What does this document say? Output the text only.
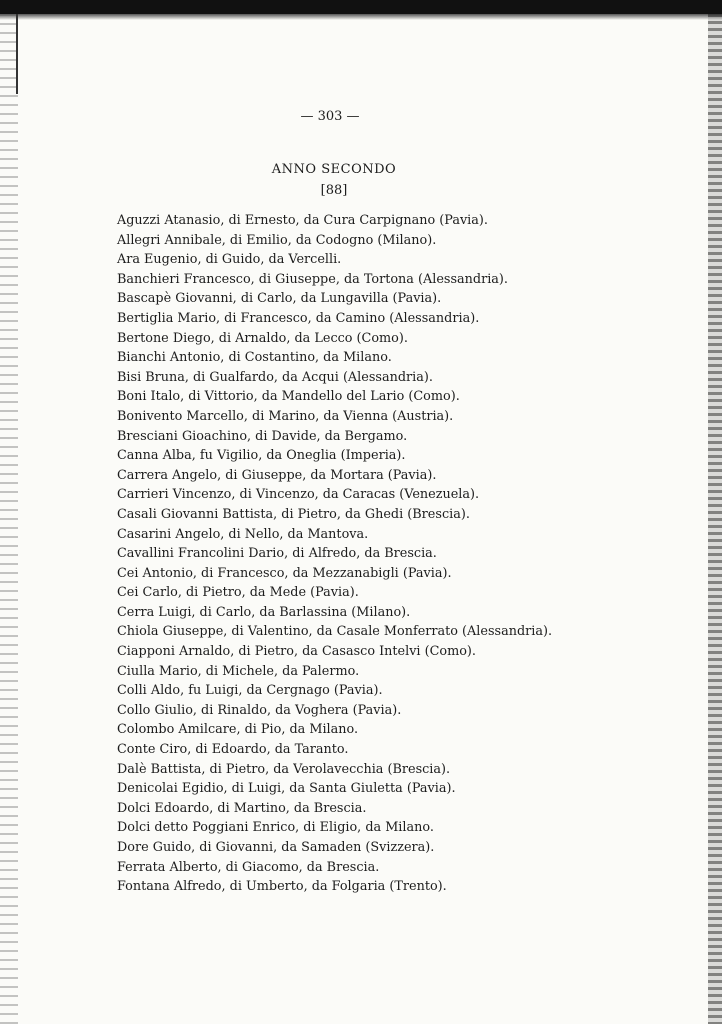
— 303 —
ANNO SECONDO
[88]
Aguzzi Atanasio, di Ernesto, da Cura Carpignano (Pavia).
Allegri Annibale, di Emilio, da Codogno (Milano).
Ara Eugenio, di Guido, da Vercelli.
Banchieri Francesco, di Giuseppe, da Tortona (Alessandria).
Bascapè Giovanni, di Carlo, da Lungavilla (Pavia).
Bertiglia Mario, di Francesco, da Camino (Alessandria).
Bertone Diego, di Arnaldo, da Lecco (Como).
Bianchi Antonio, di Costantino, da Milano.
Bisi Bruna, di Gualfardo, da Acqui (Alessandria).
Boni Italo, di Vittorio, da Mandello del Lario (Como).
Bonivento Marcello, di Marino, da Vienna (Austria).
Bresciani Gioachino, di Davide, da Bergamo.
Canna Alba, fu Vigilio, da Oneglia (Imperia).
Carrera Angelo, di Giuseppe, da Mortara (Pavia).
Carrieri Vincenzo, di Vincenzo, da Caracas (Venezuela).
Casali Giovanni Battista, di Pietro, da Ghedi (Brescia).
Casarini Angelo, di Nello, da Mantova.
Cavallini Francolini Dario, di Alfredo, da Brescia.
Cei Antonio, di Francesco, da Mezzanabigli (Pavia).
Cei Carlo, di Pietro, da Mede (Pavia).
Cerra Luigi, di Carlo, da Barlassina (Milano).
Chiola Giuseppe, di Valentino, da Casale Monferrato (Alessandria).
Ciapponi Arnaldo, di Pietro, da Casasco Intelvi (Como).
Ciulla Mario, di Michele, da Palermo.
Colli Aldo, fu Luigi, da Cergnago (Pavia).
Collo Giulio, di Rinaldo, da Voghera (Pavia).
Colombo Amilcare, di Pio, da Milano.
Conte Ciro, di Edoardo, da Taranto.
Dalè Battista, di Pietro, da Verolavecchia (Brescia).
Denicolai Egidio, di Luigi, da Santa Giuletta (Pavia).
Dolci Edoardo, di Martino, da Brescia.
Dolci detto Poggiani Enrico, di Eligio, da Milano.
Dore Guido, di Giovanni, da Samaden (Svizzera).
Ferrata Alberto, di Giacomo, da Brescia.
Fontana Alfredo, di Umberto, da Folgaria (Trento).
